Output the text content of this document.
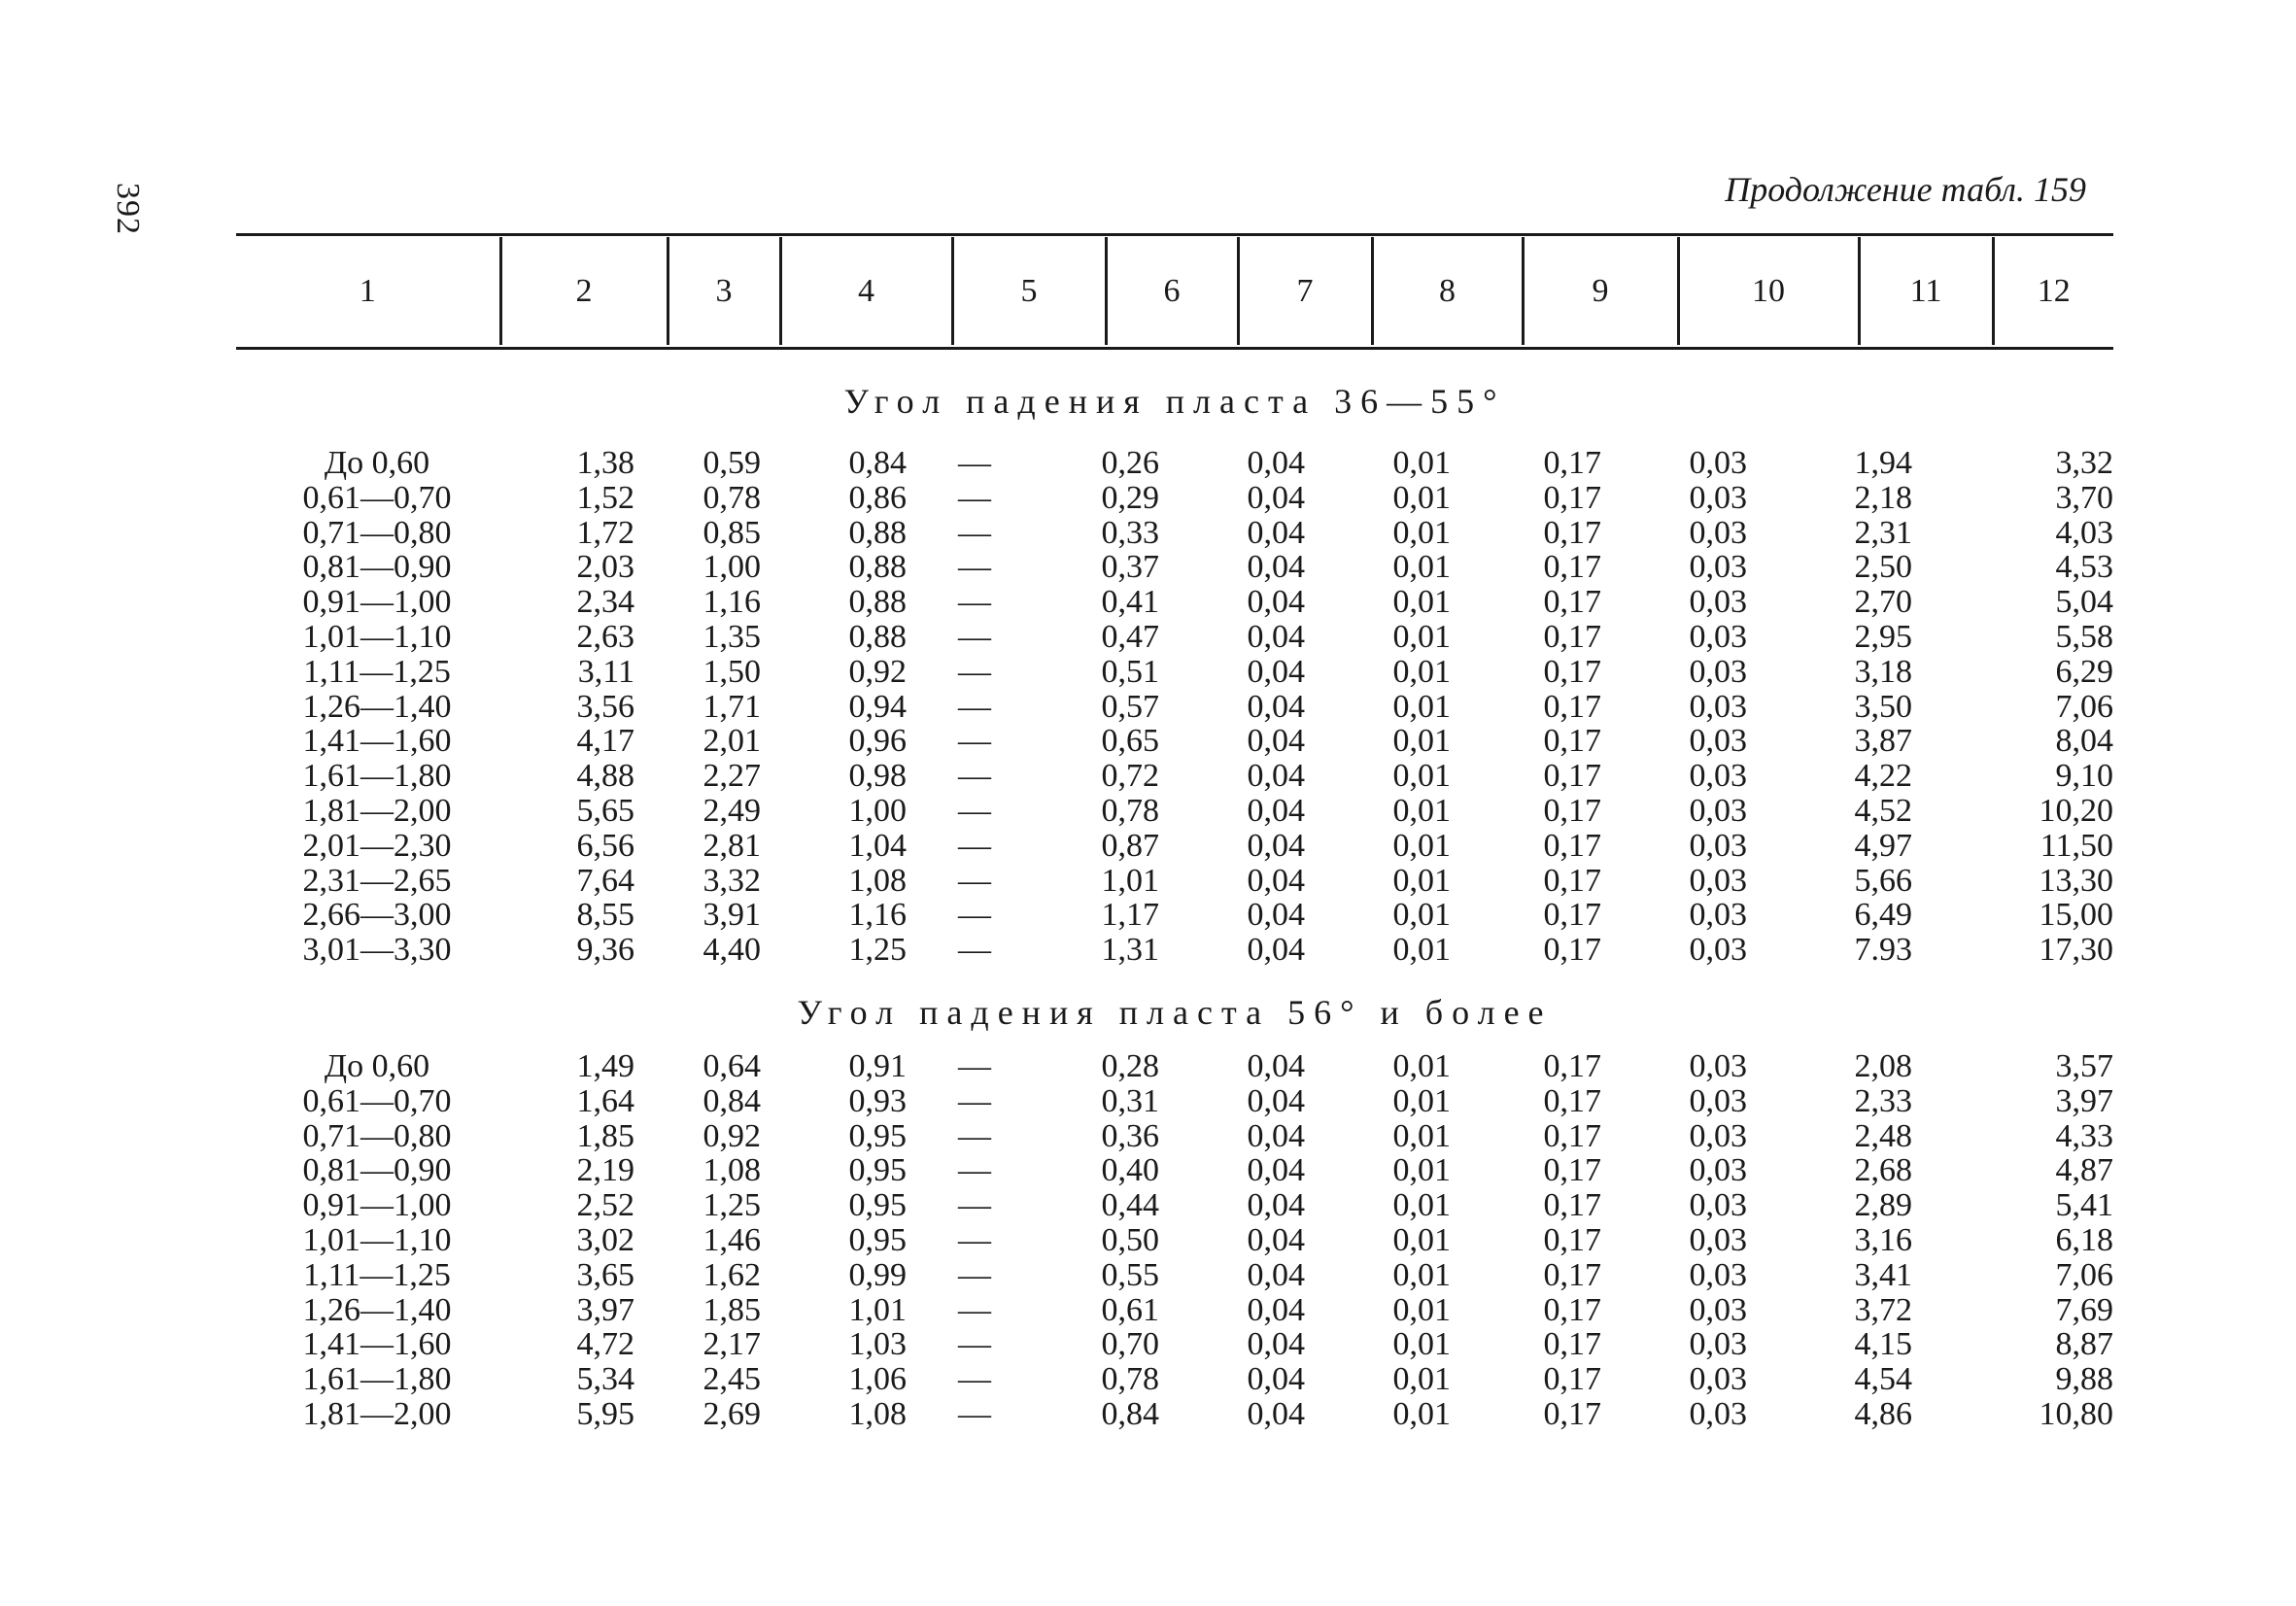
392	Продолжение табл. 159
1	2	3	4	5	6	7	8	9	10	11	12
Угол падения пласта 36—55°
До 0,60	1,38	0,59	0,84	—	0,26	0,04	0,01	0,17	0,03	1,94	3,32
0,61—0,70	1,52	0,78	0,86	—	0,29	0,04	0,01	0,17	0,03	2,18	3,70
0,71—0,80	1,72	0,85	0,88	—	0,33	0,04	0,01	0,17	0,03	2,31	4,03
0,81—0,90	2,03	1,00	0,88	—	0,37	0,04	0,01	0,17	0,03	2,50	4,53
0,91—1,00	2,34	1,16	0,88	—	0,41	0,04	0,01	0,17	0,03	2,70	5,04
1,01—1,10	2,63	1,35	0,88	—	0,47	0,04	0,01	0,17	0,03	2,95	5,58
1,11—1,25	3,11	1,50	0,92	—	0,51	0,04	0,01	0,17	0,03	3,18	6,29
1,26—1,40	3,56	1,71	0,94	—	0,57	0,04	0,01	0,17	0,03	3,50	7,06
1,41—1,60	4,17	2,01	0,96	—	0,65	0,04	0,01	0,17	0,03	3,87	8,04
1,61—1,80	4,88	2,27	0,98	—	0,72	0,04	0,01	0,17	0,03	4,22	9,10
1,81—2,00	5,65	2,49	1,00	—	0,78	0,04	0,01	0,17	0,03	4,52	10,20
2,01—2,30	6,56	2,81	1,04	—	0,87	0,04	0,01	0,17	0,03	4,97	11,50
2,31—2,65	7,64	3,32	1,08	—	1,01	0,04	0,01	0,17	0,03	5,66	13,30
2,66—3,00	8,55	3,91	1,16	—	1,17	0,04	0,01	0,17	0,03	6,49	15,00
3,01—3,30	9,36	4,40	1,25	—	1,31	0,04	0,01	0,17	0,03	7.93	17,30
Угол падения пласта 56° и более
До 0,60	1,49	0,64	0,91	—	0,28	0,04	0,01	0,17	0,03	2,08	3,57
0,61—0,70	1,64	0,84	0,93	—	0,31	0,04	0,01	0,17	0,03	2,33	3,97
0,71—0,80	1,85	0,92	0,95	—	0,36	0,04	0,01	0,17	0,03	2,48	4,33
0,81—0,90	2,19	1,08	0,95	—	0,40	0,04	0,01	0,17	0,03	2,68	4,87
0,91—1,00	2,52	1,25	0,95	—	0,44	0,04	0,01	0,17	0,03	2,89	5,41
1,01—1,10	3,02	1,46	0,95	—	0,50	0,04	0,01	0,17	0,03	3,16	6,18
1,11—1,25	3,65	1,62	0,99	—	0,55	0,04	0,01	0,17	0,03	3,41	7,06
1,26—1,40	3,97	1,85	1,01	—	0,61	0,04	0,01	0,17	0,03	3,72	7,69
1,41—1,60	4,72	2,17	1,03	—	0,70	0,04	0,01	0,17	0,03	4,15	8,87
1,61—1,80	5,34	2,45	1,06	—	0,78	0,04	0,01	0,17	0,03	4,54	9,88
1,81—2,00	5,95	2,69	1,08	—	0,84	0,04	0,01	0,17	0,03	4,86	10,80
